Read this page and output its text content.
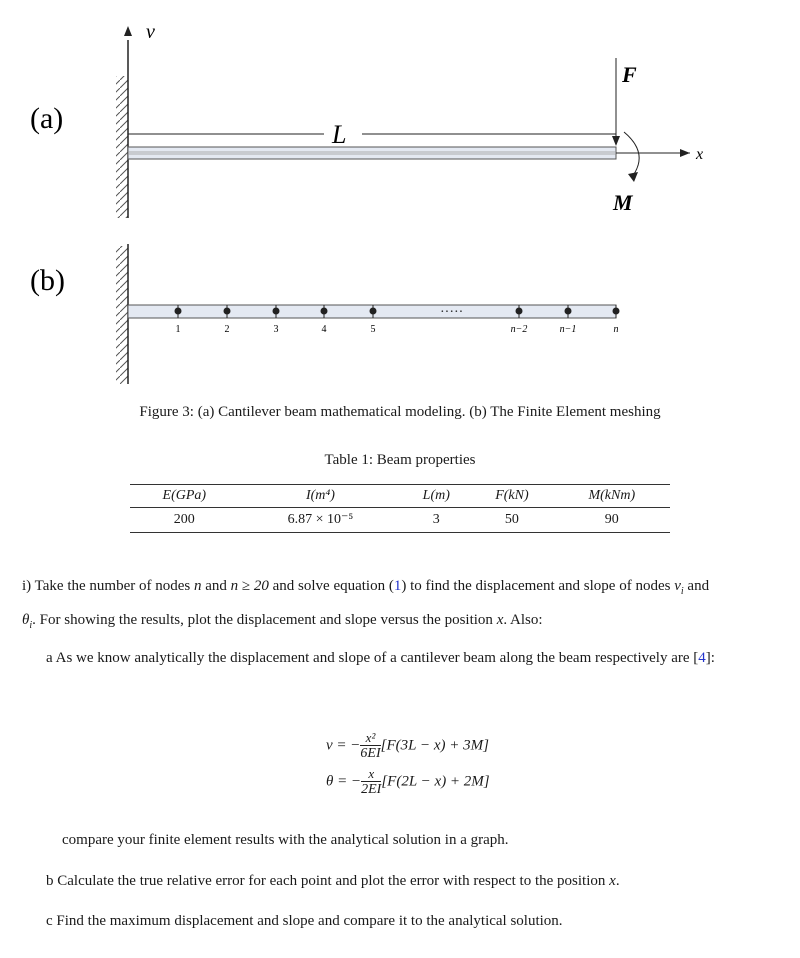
(a)
(b)
v
L
x
F
M
·····
1	2	3	4	5	n−2	n−1	n
Figure 3: (a) Cantilever beam mathematical modeling. (b) The Finite Element meshing
Table 1: Beam properties
E(GPa)	I(m⁴)	L(m)	F(kN)	M(kNm)
200	6.87 × 10⁻⁵	3	50	90
i) Take the number of nodes n and n ≥ 20 and solve equation (1) to find the displacement and slope of nodes $v_i$ and
$\theta_i$. For showing the results, plot the displacement and slope versus the position x. Also:
a As we know analytically the displacement and slope of a cantilever beam along the beam respectively are [4]:
v = − $\frac{\text{x²}}{6EI} [F(3L - x) + 3M]$
θ = − $\frac{x}{2EI} [F(2L - x) + 2M]$
compare your finite element results with the analytical solution in a graph.
b Calculate the true relative error for each point and plot the error with respect to the position x.
c Find the maximum displacement and slope and compare it to the analytical solution.
